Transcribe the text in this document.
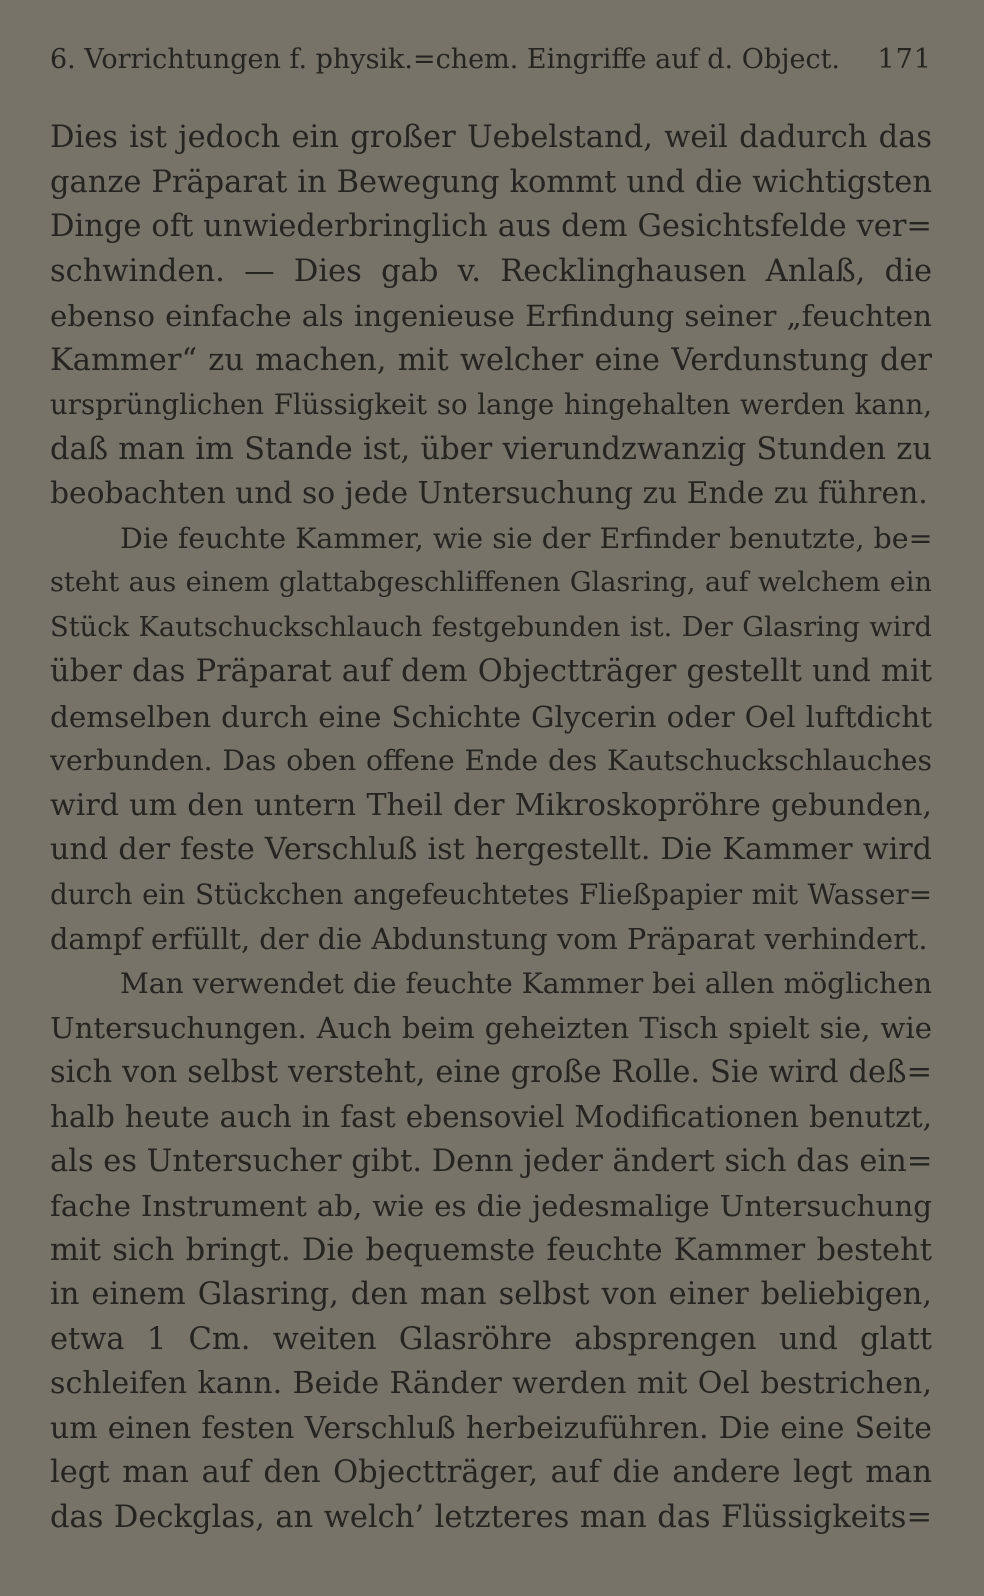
6. Vorrichtungen f. physik.=chem. Eingriffe auf d. Object. 171
Dies ist jedoch ein großer Uebelstand, weil dadurch das
ganze Präparat in Bewegung kommt und die wichtigsten
Dinge oft unwiederbringlich aus dem Gesichtsfelde ver=
schwinden. — Dies gab v. Recklinghausen Anlaß, die
ebenso einfache als ingenieuse Erfindung seiner „feuchten
Kammer“ zu machen, mit welcher eine Verdunstung der
ursprünglichen Flüssigkeit so lange hingehalten werden kann,
daß man im Stande ist, über vierundzwanzig Stunden zu
beobachten und so jede Untersuchung zu Ende zu führen.
Die feuchte Kammer, wie sie der Erfinder benutzte, be=
steht aus einem glattabgeschliffenen Glasring, auf welchem ein
Stück Kautschuckschlauch festgebunden ist. Der Glasring wird
über das Präparat auf dem Objectträger gestellt und mit
demselben durch eine Schichte Glycerin oder Oel luftdicht
verbunden. Das oben offene Ende des Kautschuckschlauches
wird um den untern Theil der Mikroskopröhre gebunden,
und der feste Verschluß ist hergestellt. Die Kammer wird
durch ein Stückchen angefeuchtetes Fließpapier mit Wasser=
dampf erfüllt, der die Abdunstung vom Präparat verhindert.
Man verwendet die feuchte Kammer bei allen möglichen
Untersuchungen. Auch beim geheizten Tisch spielt sie, wie
sich von selbst versteht, eine große Rolle. Sie wird deß=
halb heute auch in fast ebensoviel Modificationen benutzt,
als es Untersucher gibt. Denn jeder ändert sich das ein=
fache Instrument ab, wie es die jedesmalige Untersuchung
mit sich bringt. Die bequemste feuchte Kammer besteht
in einem Glasring, den man selbst von einer beliebigen,
etwa 1 Cm. weiten Glasröhre absprengen und glatt
schleifen kann. Beide Ränder werden mit Oel bestrichen,
um einen festen Verschluß herbeizuführen. Die eine Seite
legt man auf den Objectträger, auf die andere legt man
das Deckglas, an welch’ letzteres man das Flüssigkeits=
